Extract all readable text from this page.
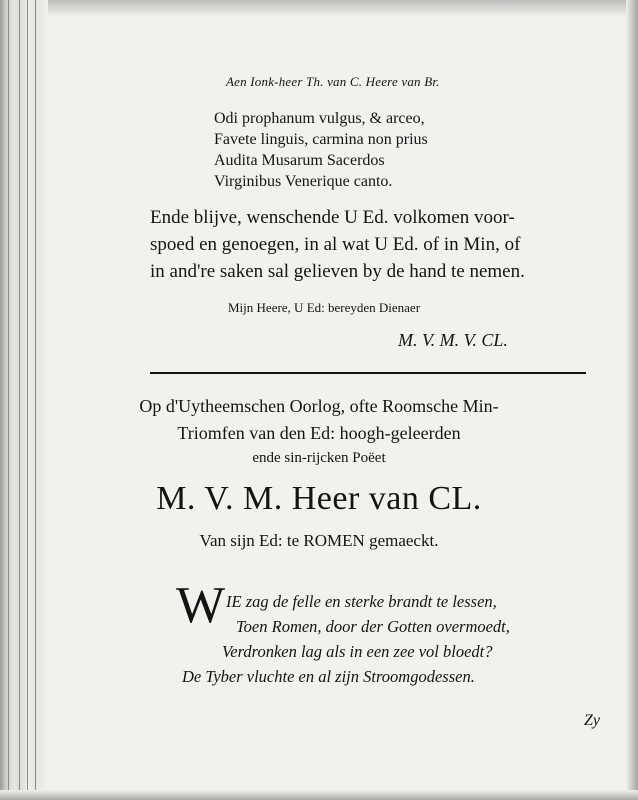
Aen Ionk-heer Th. van C. Heere van Br.
Odi prophanum vulgus, & arceo,
Favete linguis, carmina non prius
Audita Musarum Sacerdos
Virginibus Venerique canto.
Ende blijve, wenschende U Ed. volkomen voor-
spoed en genoegen, in al wat U Ed. of in Min, of
in and're saken sal gelieven by de hand te nemen.
Mijn Heere, U Ed: bereyden Dienaer
M. V. M. V. CL.
Op d'Uytheemschen Oorlog, ofte Roomsche Min-
Triomfen van den Ed: hoogh-geleerden
ende sin-rijcken Poëet
M. V. M. Heer van CL.
Van sijn Ed: te ROMEN gemaeckt.
W IE zag de felle en sterke brandt te lessen,
Toen Romen, door der Gotten overmoedt,
Verdronken lag als in een zee vol bloedt?
De Tyber vluchte en al zijn Stroomgodessen.
Zy
